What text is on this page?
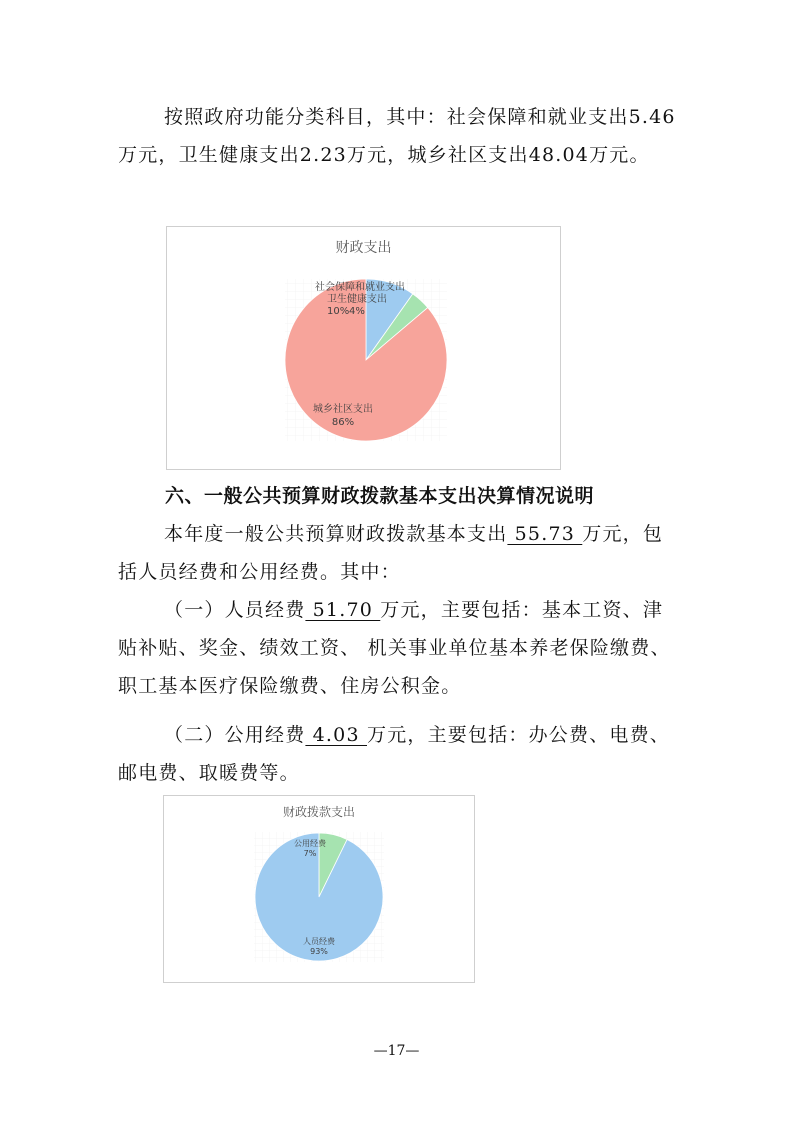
按照政府功能分类科目，其中：社会保障和就业支出5.46万元，卫生健康支出2.23万元，城乡社区支出48.04万元。

财政支出
社会保障和就业支出
卫生健康支出
10% 4%
城乡社区支出
86%

六、一般公共预算财政拨款基本支出决算情况说明

本年度一般公共预算财政拨款基本支出 55.73 万元，包括人员经费和公用经费。其中：

（一）人员经费 51.70 万元，主要包括：基本工资、津贴补贴、奖金、绩效工资、 机关事业单位基本养老保险缴费、职工基本医疗保险缴费、住房公积金。

（二）公用经费 4.03 万元，主要包括：办公费、电费、邮电费、取暖费等。

财政拨款支出
公用经费
7%
人员经费
93%
—17—
